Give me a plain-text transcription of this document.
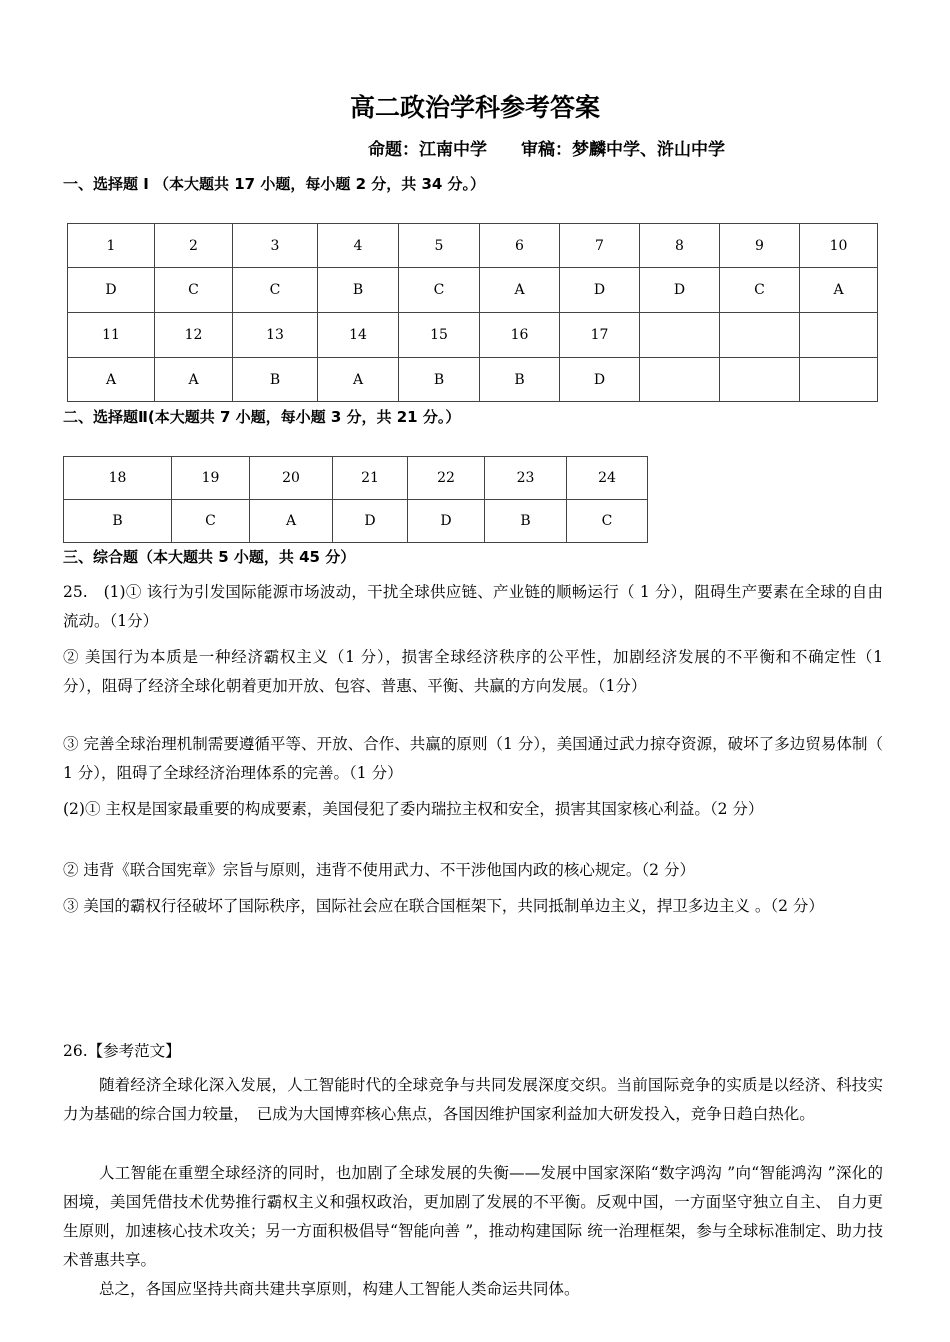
高二政治学科参考答案
命题：江南中学 审稿：梦麟中学、浒山中学
一、选择题 Ⅰ （本大题共 17 小题，每小题 2 分，共 34 分。）
1	2	3	4	5	6	7	8	9	10
D	C	C	B	C	A	D	D	C	A
11	12	13	14	15	16	17			
A	A	B	A	B	B	D			
二、选择题Ⅱ(本大题共 7 小题，每小题 3 分，共 21 分。）
18	19	20	21	22	23	24
B	C	A	D	D	B	C
三、综合题（本大题共 5 小题，共 45 分）
25.　(1)① 该行为引发国际能源市场波动，干扰全球供应链、产业链的顺畅运行（ 1 分），阻碍生产要素在全球的自由流动。（1分）
② 美国行为本质是一种经济霸权主义（1 分），损害全球经济秩序的公平性，加剧经济发展的不平衡和不确定性（1 分），阻碍了经济全球化朝着更加开放、包容、普惠、平衡、共赢的方向发展。（1分）
③ 完善全球治理机制需要遵循平等、开放、合作、共赢的原则（1 分），美国通过武力掠夺资源，破坏了多边贸易体制（ 1 分），阻碍了全球经济治理体系的完善。（1 分）
(2)① 主权是国家最重要的构成要素，美国侵犯了委内瑞拉主权和安全，损害其国家核心利益。（2 分）
② 违背《联合国宪章》宗旨与原则，违背不使用武力、不干涉他国内政的核心规定。（2 分）
③ 美国的霸权行径破坏了国际秩序，国际社会应在联合国框架下，共同抵制单边主义，捍卫多边主义 。（2 分）
26.【参考范文】
随着经济全球化深入发展，人工智能时代的全球竞争与共同发展深度交织。当前国际竞争的实质是以经济、科技实力为基础的综合国力较量，　已成为大国博弈核心焦点，各国因维护国家利益加大研发投入，竞争日趋白热化。
人工智能在重塑全球经济的同时，也加剧了全球发展的失衡——发展中国家深陷“数字鸿沟 ”向“智能鸿沟 ”深化的困境，美国凭借技术优势推行霸权主义和强权政治，更加剧了发展的不平衡。反观中国，一方面坚守独立自主、 自力更生原则，加速核心技术攻关；另一方面积极倡导“智能向善 ”，推动构建国际 统一治理框架，参与全球标准制定、助力技术普惠共享。
总之，各国应坚持共商共建共享原则，构建人工智能人类命运共同体。
